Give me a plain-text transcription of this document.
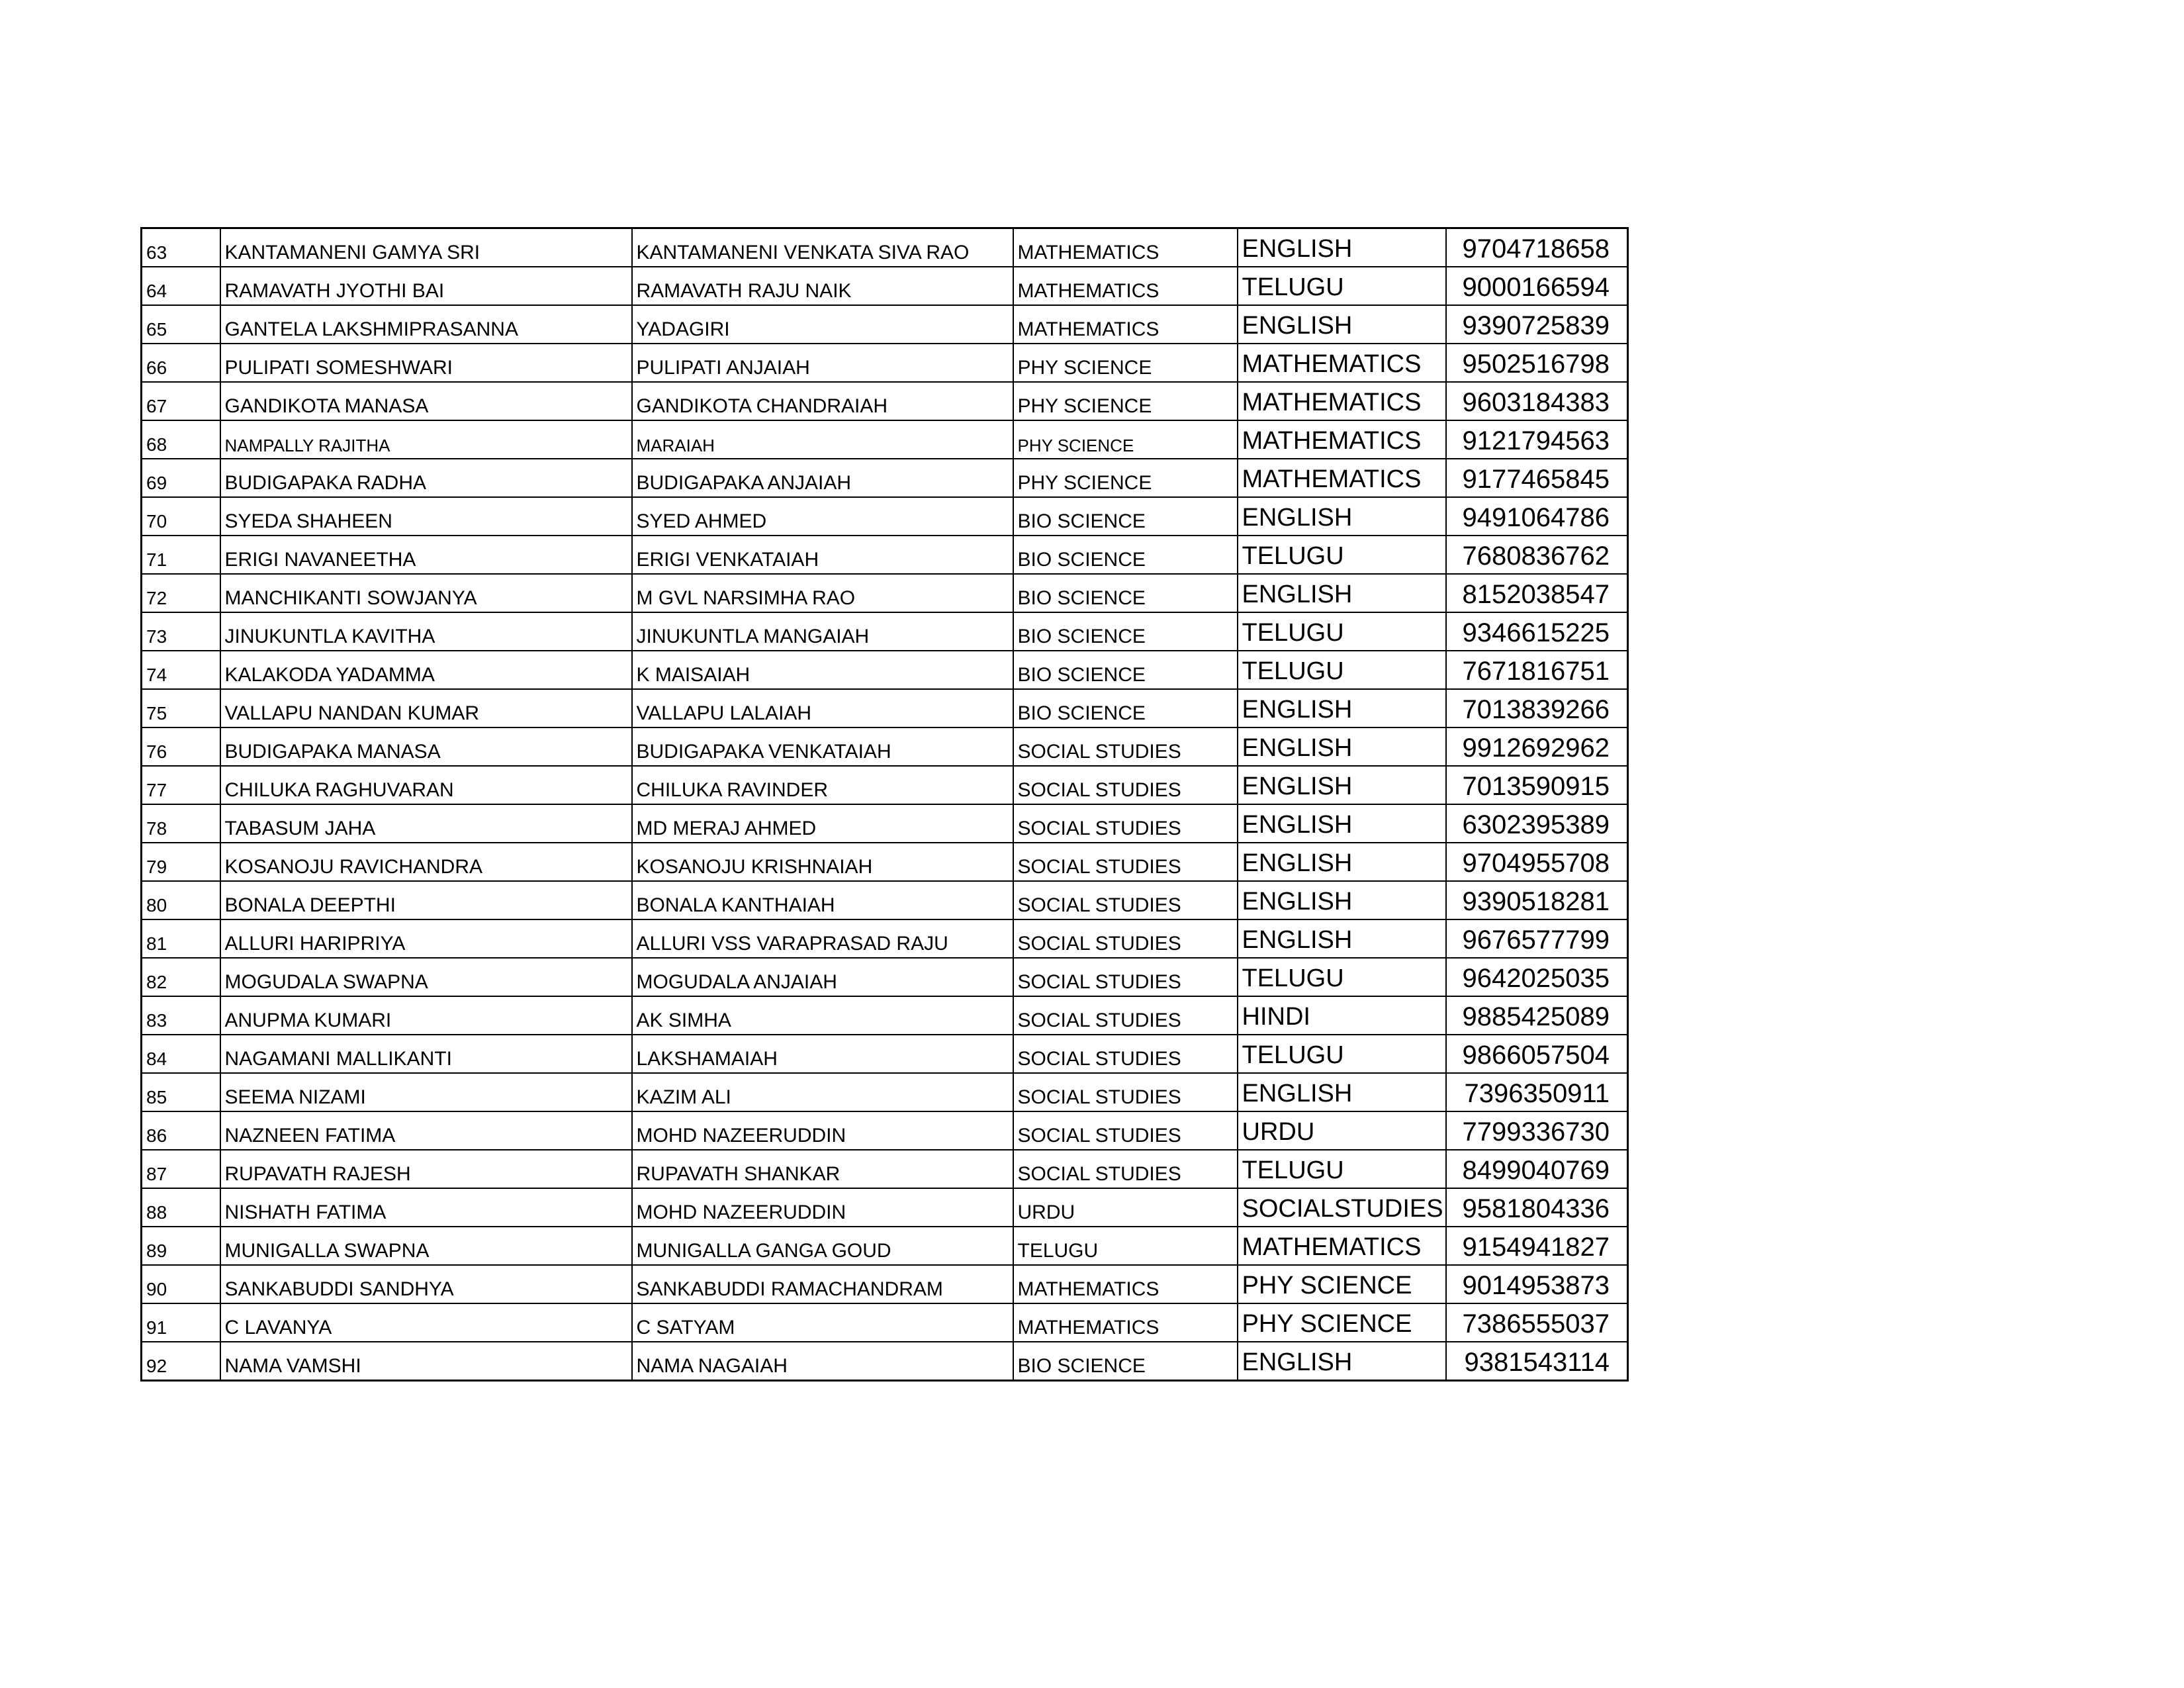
63	KANTAMANENI GAMYA SRI	KANTAMANENI VENKATA SIVA RAO	MATHEMATICS	ENGLISH	9704718658
64	RAMAVATH JYOTHI BAI	RAMAVATH RAJU NAIK	MATHEMATICS	TELUGU	9000166594
65	GANTELA LAKSHMIPRASANNA	YADAGIRI	MATHEMATICS	ENGLISH	9390725839
66	PULIPATI SOMESHWARI	PULIPATI ANJAIAH	PHY SCIENCE	MATHEMATICS	9502516798
67	GANDIKOTA MANASA	GANDIKOTA CHANDRAIAH	PHY SCIENCE	MATHEMATICS	9603184383
68	NAMPALLY RAJITHA	MARAIAH	PHY SCIENCE	MATHEMATICS	9121794563
69	BUDIGAPAKA RADHA	BUDIGAPAKA ANJAIAH	PHY SCIENCE	MATHEMATICS	9177465845
70	SYEDA SHAHEEN	SYED AHMED	BIO SCIENCE	ENGLISH	9491064786
71	ERIGI NAVANEETHA	ERIGI VENKATAIAH	BIO SCIENCE	TELUGU	7680836762
72	MANCHIKANTI SOWJANYA	M GVL NARSIMHA RAO	BIO SCIENCE	ENGLISH	8152038547
73	JINUKUNTLA KAVITHA	JINUKUNTLA MANGAIAH	BIO SCIENCE	TELUGU	9346615225
74	KALAKODA YADAMMA	K MAISAIAH	BIO SCIENCE	TELUGU	7671816751
75	VALLAPU NANDAN KUMAR	VALLAPU LALAIAH	BIO SCIENCE	ENGLISH	7013839266
76	BUDIGAPAKA MANASA	BUDIGAPAKA VENKATAIAH	SOCIAL STUDIES	ENGLISH	9912692962
77	CHILUKA RAGHUVARAN	CHILUKA RAVINDER	SOCIAL STUDIES	ENGLISH	7013590915
78	TABASUM JAHA	MD MERAJ AHMED	SOCIAL STUDIES	ENGLISH	6302395389
79	KOSANOJU RAVICHANDRA	KOSANOJU KRISHNAIAH	SOCIAL STUDIES	ENGLISH	9704955708
80	BONALA DEEPTHI	BONALA KANTHAIAH	SOCIAL STUDIES	ENGLISH	9390518281
81	ALLURI HARIPRIYA	ALLURI VSS VARAPRASAD RAJU	SOCIAL STUDIES	ENGLISH	9676577799
82	MOGUDALA SWAPNA	MOGUDALA ANJAIAH	SOCIAL STUDIES	TELUGU	9642025035
83	ANUPMA KUMARI	AK SIMHA	SOCIAL STUDIES	HINDI	9885425089
84	NAGAMANI MALLIKANTI	LAKSHAMAIAH	SOCIAL STUDIES	TELUGU	9866057504
85	SEEMA NIZAMI	KAZIM ALI	SOCIAL STUDIES	ENGLISH	7396350911
86	NAZNEEN FATIMA	MOHD NAZEERUDDIN	SOCIAL STUDIES	URDU	7799336730
87	RUPAVATH RAJESH	RUPAVATH SHANKAR	SOCIAL STUDIES	TELUGU	8499040769
88	NISHATH FATIMA	MOHD NAZEERUDDIN	URDU	SOCIALSTUDIES	9581804336
89	MUNIGALLA SWAPNA	MUNIGALLA GANGA GOUD	TELUGU	MATHEMATICS	9154941827
90	SANKABUDDI SANDHYA	SANKABUDDI RAMACHANDRAM	MATHEMATICS	PHY SCIENCE	9014953873
91	C LAVANYA	C SATYAM	MATHEMATICS	PHY SCIENCE	7386555037
92	NAMA VAMSHI	NAMA NAGAIAH	BIO SCIENCE	ENGLISH	9381543114
